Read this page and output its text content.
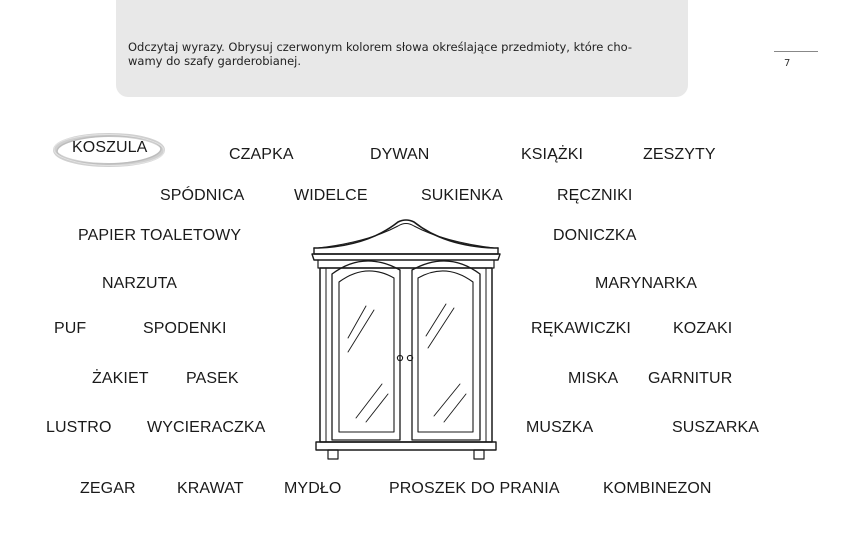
Odczytaj wyrazy. Obrysuj czerwonym kolorem słowa określające przedmioty, które cho-
wamy do szafy garderobianej.	7
KOSZULA	CZAPKA	DYWAN	KSIĄŻKI	ZESZYTY
SPÓDNICA	WIDELCE	SUKIENKA	RĘCZNIKI
PAPIER TOALETOWY	DONICZKA
NARZUTA	MARYNARKA
PUF	SPODENKI	RĘKAWICZKI	KOZAKI
ŻAKIET PASEK	MISKA GARNITUR
LUSTRO WYCIERACZKA	MUSZKA	SUSZARKA
ZEGAR	KRAWAT	MYDŁO	PROSZEK DO PRANIA	KOMBINEZON
